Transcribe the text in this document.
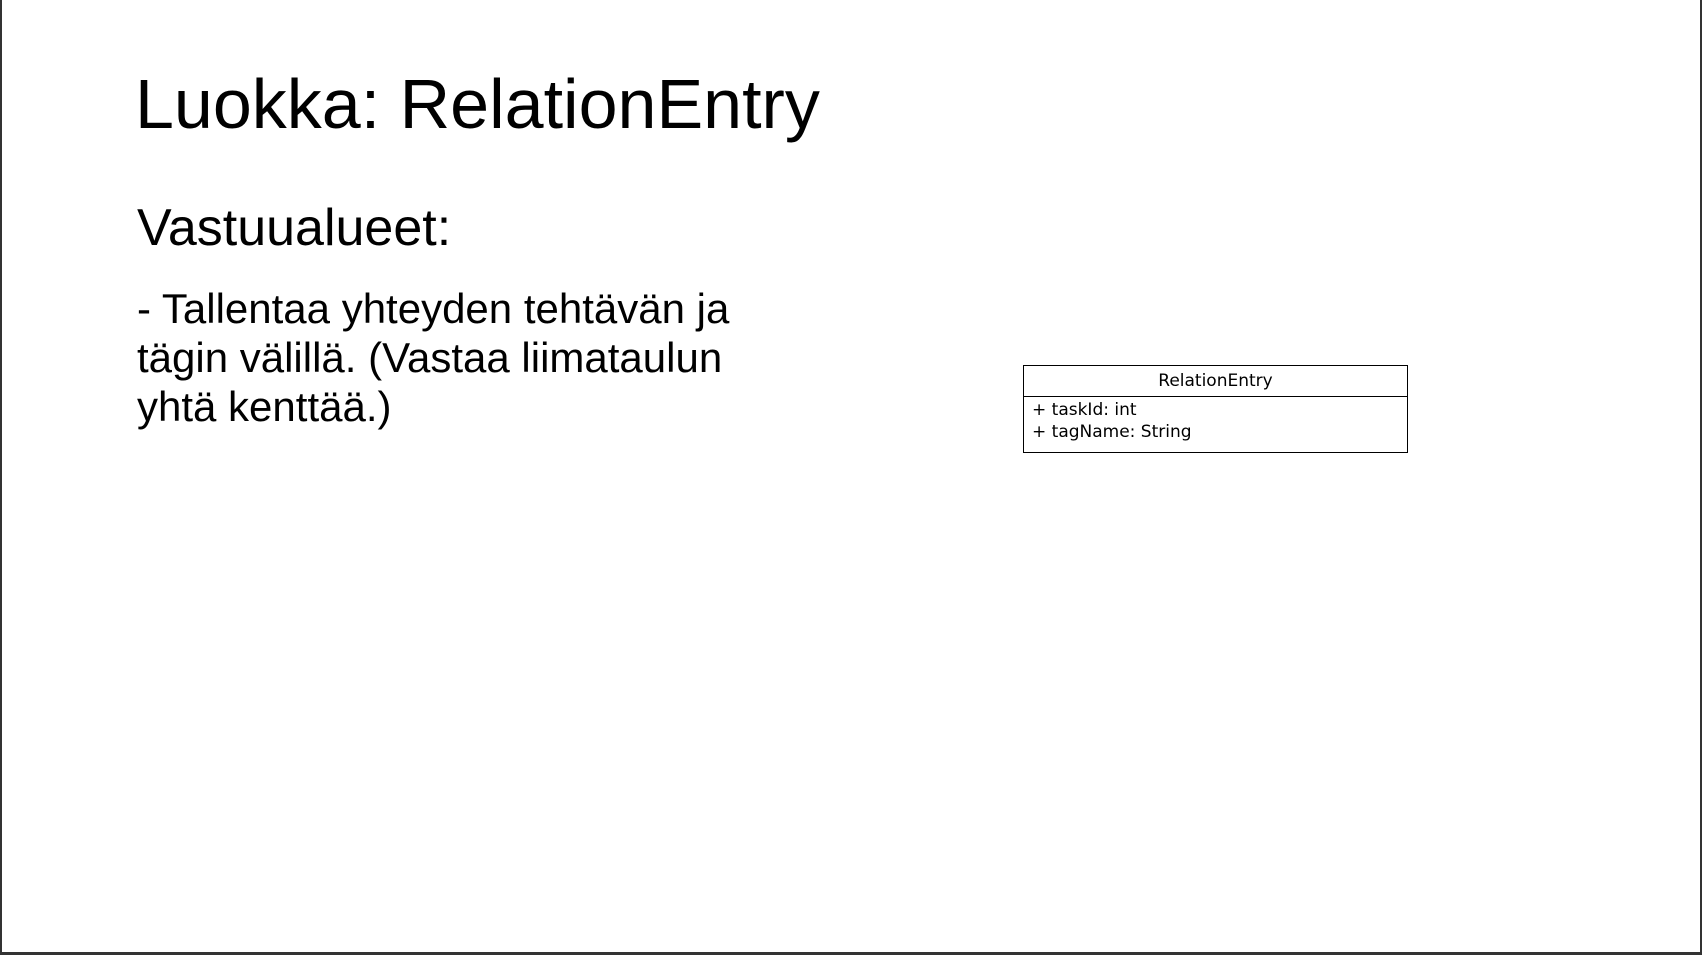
Luokka: RelationEntry
Vastuualueet:

- Tallentaa yhteyden tehtävän ja tägin välillä. (Vastaa liimataulun yhtä kenttää.)

RelationEntry
+ taskId: int
+ tagName: String
